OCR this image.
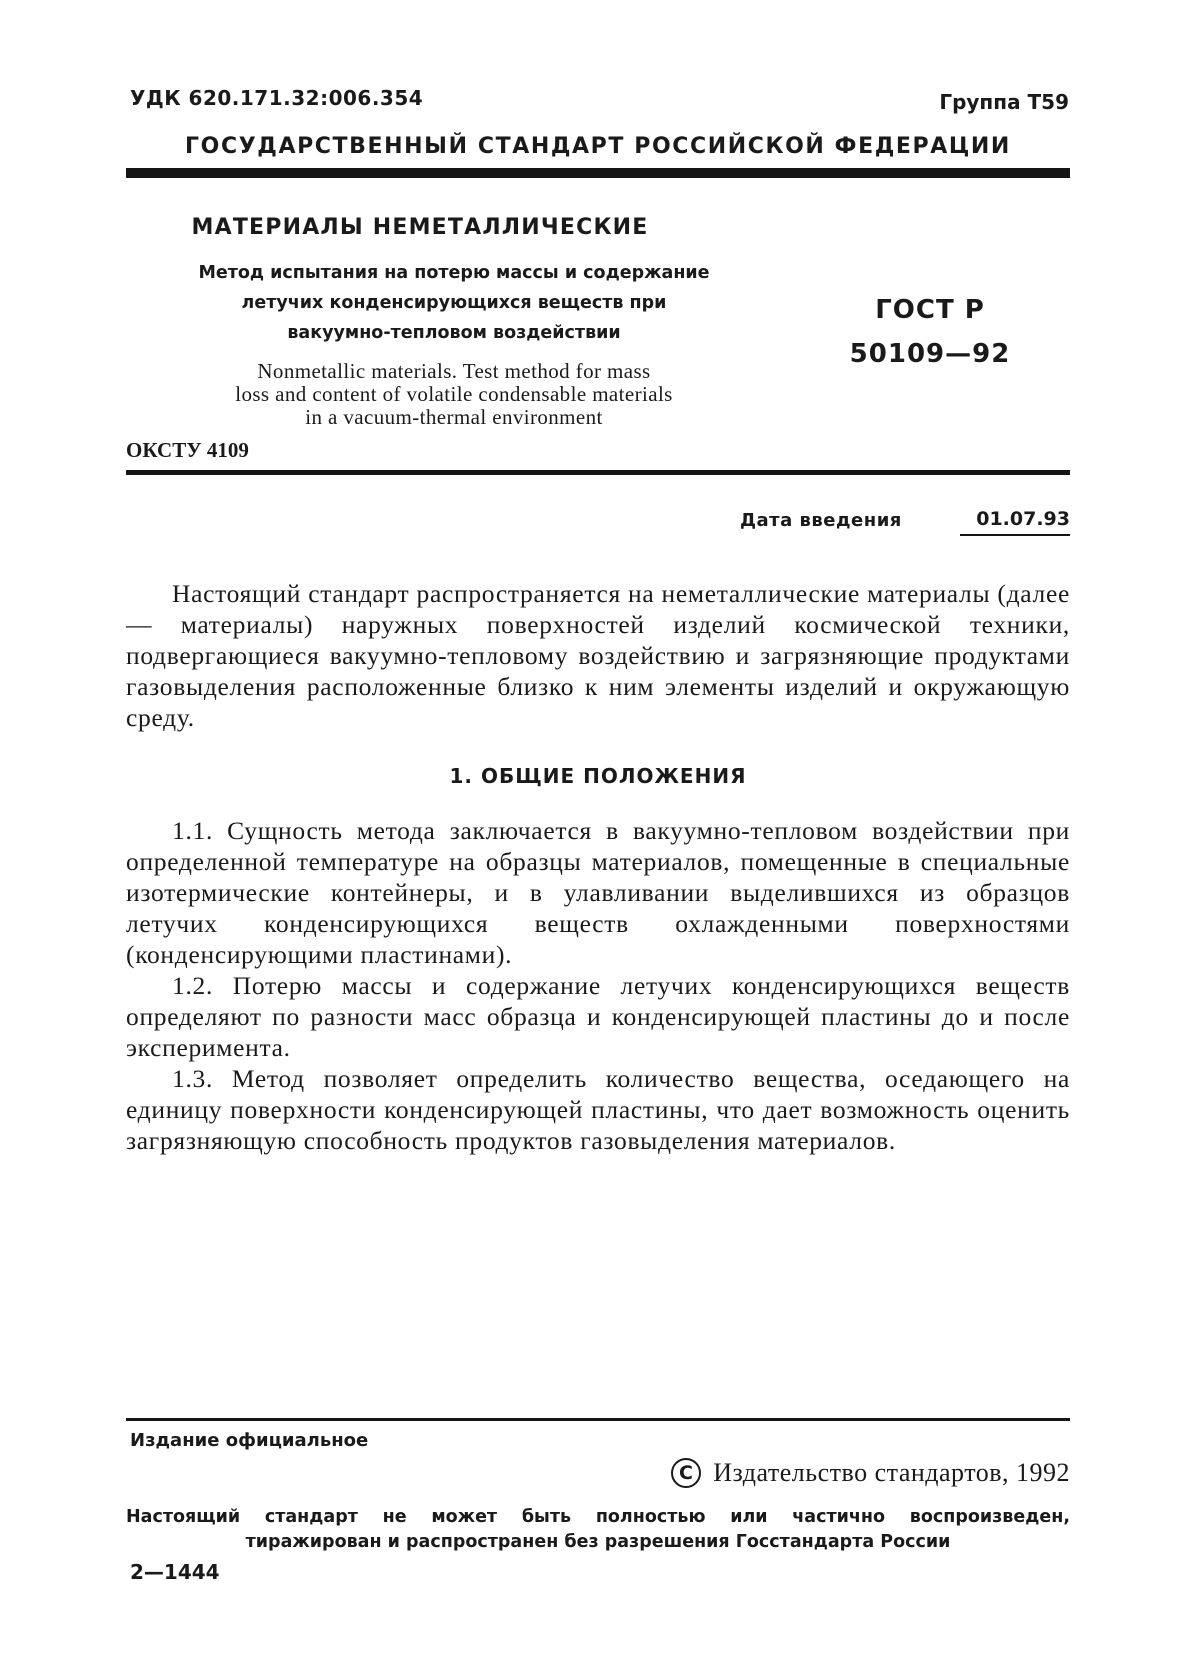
УДК 620.171.32:006.354	Группа Т59
ГОСУДАРСТВЕННЫЙ СТАНДАРТ РОССИЙСКОЙ ФЕДЕРАЦИИ
МАТЕРИАЛЫ НЕМЕТАЛЛИЧЕСКИЕ
Метод испытания на потерю массы и содержание
летучих конденсирующихся веществ при
вакуумно-тепловом воздействии
Nonmetallic materials. Test method for mass
loss and content of volatile condensable materials
in a vacuum-thermal environment
ГОСТ Р
50109—92
ОКСТУ 4109
Дата введения	01.07.93

Настоящий стандарт распространяется на неметаллические материалы (далее — материалы) наружных поверхностей изделий космической техники, подвергающиеся вакуумно-тепловому воздействию и загрязняющие продуктами газовыделения расположенные близко к ним элементы изделий и окружающую среду.

1. ОБЩИЕ ПОЛОЖЕНИЯ

1.1. Сущность метода заключается в вакуумно-тепловом воздействии при определенной температуре на образцы материалов, помещенные в специальные изотермические контейнеры, и в улавливании выделившихся из образцов летучих конденсирующихся веществ охлажденными поверхностями (конденсирующими пластинами).

1.2. Потерю массы и содержание летучих конденсирующихся веществ определяют по разности масс образца и конденсирующей пластины до и после эксперимента.

1.3. Метод позволяет определить количество вещества, оседающего на единицу поверхности конденсирующей пластины, что дает возможность оценить загрязняющую способность продуктов газовыделения материалов.

Издание официальное
C Издательство стандартов, 1992
Настоящий стандарт не может быть полностью или частично воспроизведен,
тиражирован и распространен без разрешения Госстандарта России
2—1444
